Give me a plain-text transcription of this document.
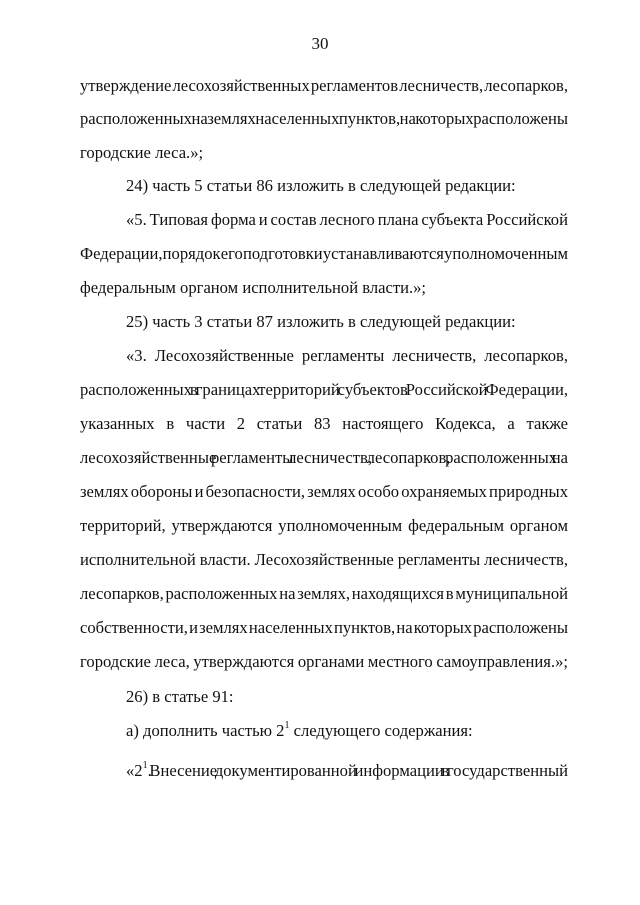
30
утверждение лесохозяйственных регламентов лесничеств, лесопарков,
расположенных на землях населенных пунктов, на которых расположены
городские леса.»;
24) часть 5 статьи 86 изложить в следующей редакции:
«5. Типовая форма и состав лесного плана субъекта Российской
Федерации, порядок его подготовки устанавливаются уполномоченным
федеральным органом исполнительной власти.»;
25) часть 3 статьи 87 изложить в следующей редакции:
«3. Лесохозяйственные регламенты лесничеств, лесопарков,
расположенных в границах территорий субъектов Российской Федерации,
указанных в части 2 статьи 83 настоящего Кодекса, а также
лесохозяйственные регламенты лесничеств, лесопарков, расположенных на
землях обороны и безопасности, землях особо охраняемых природных
территорий, утверждаются уполномоченным федеральным органом
исполнительной власти. Лесохозяйственные регламенты лесничеств,
лесопарков, расположенных на землях, находящихся в муниципальной
собственности, и землях населенных пунктов, на которых расположены
городские леса, утверждаются органами местного самоуправления.»;
26) в статье 91:
а) дополнить частью $2^1$ следующего содержания:
«$2^1$. Внесение документированной информации в государственный
